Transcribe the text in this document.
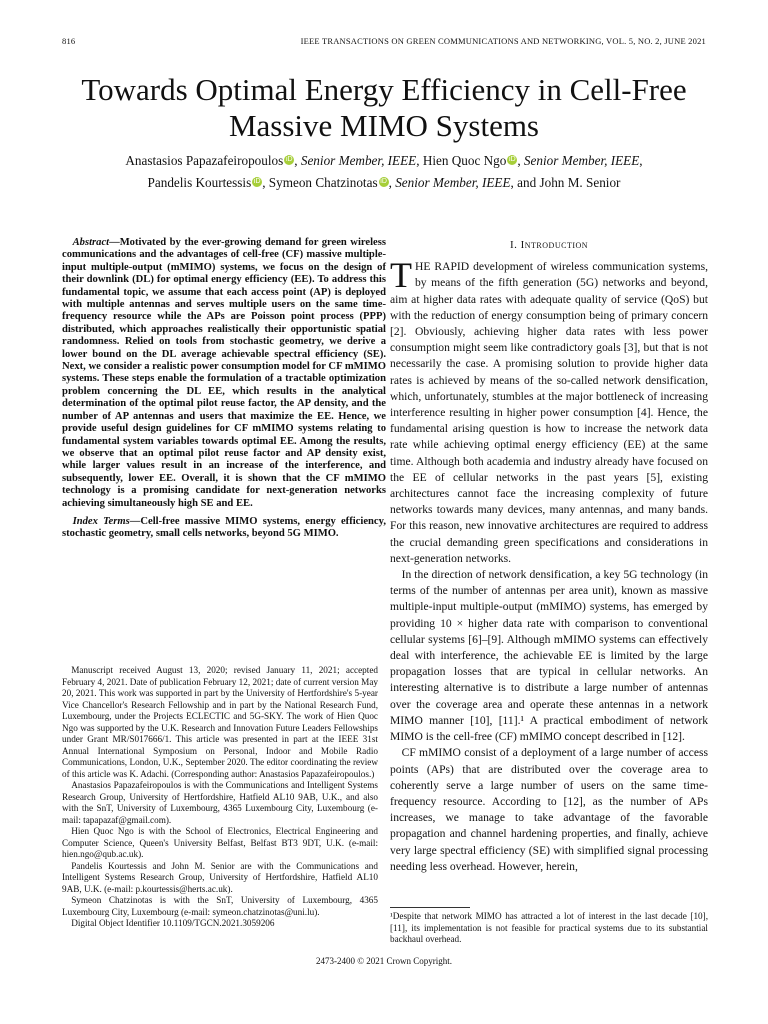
816	IEEE TRANSACTIONS ON GREEN COMMUNICATIONS AND NETWORKING, VOL. 5, NO. 2, JUNE 2021
Towards Optimal Energy Efficiency in Cell-Free
Massive MIMO Systems
Anastasios Papazafeiropoulos iD , Senior Member, IEEE, Hien Quoc Ngo iD , Senior Member, IEEE,
Pandelis Kourtessis iD , Symeon Chatzinotas iD , Senior Member, IEEE, and John M. Senior

Abstract—Motivated by the ever-growing demand for green wireless communications and the advantages of cell-free (CF) massive multiple-input multiple-output (mMIMO) systems, we focus on the design of their downlink (DL) for optimal energy efficiency (EE). To address this fundamental topic, we assume that each access point (AP) is deployed with multiple antennas and serves multiple users on the same time-frequency resource while the APs are Poisson point process (PPP) distributed, which approaches realistically their opportunistic spatial randomness. Relied on tools from stochastic geometry, we derive a lower bound on the DL average achievable spectral efficiency (SE). Next, we consider a realistic power consumption model for CF mMIMO systems. These steps enable the formulation of a tractable optimization problem concerning the DL EE, which results in the analytical determination of the optimal pilot reuse factor, the AP density, and the number of AP antennas and users that maximize the EE. Hence, we provide useful design guidelines for CF mMIMO systems relating to fundamental system variables towards optimal EE. Among the results, we observe that an optimal pilot reuse factor and AP density exist, while larger values result in an increase of the interference, and subsequently, lower EE. Overall, it is shown that the CF mMIMO technology is a promising candidate for next-generation networks achieving simultaneously high SE and EE.

Index Terms—Cell-free massive MIMO systems, energy efficiency, stochastic geometry, small cells networks, beyond 5G MIMO.

Manuscript received August 13, 2020; revised January 11, 2021; accepted February 4, 2021. Date of publication February 12, 2021; date of current version May 20, 2021. This work was supported in part by the University of Hertfordshire's 5-year Vice Chancellor's Research Fellowship and in part by the National Research Fund, Luxembourg, under the Projects ECLECTIC and 5G-SKY. The work of Hien Quoc Ngo was supported by the U.K. Research and Innovation Future Leaders Fellowships under Grant MR/S017666/1. This article was presented in part at the IEEE 31st Annual International Symposium on Personal, Indoor and Mobile Radio Communications, London, U.K., September 2020. The editor coordinating the review of this article was K. Adachi. (Corresponding author: Anastasios Papazafeiropoulos.)

Anastasios Papazafeiropoulos is with the Communications and Intelligent Systems Research Group, University of Hertfordshire, Hatfield AL10 9AB, U.K., and also with the SnT, University of Luxembourg, 4365 Luxembourg City, Luxembourg (e-mail: tapapazaf@gmail.com).

Hien Quoc Ngo is with the School of Electronics, Electrical Engineering and Computer Science, Queen's University Belfast, Belfast BT3 9DT, U.K. (e-mail: hien.ngo@qub.ac.uk).

Pandelis Kourtessis and John M. Senior are with the Communications and Intelligent Systems Research Group, University of Hertfordshire, Hatfield AL10 9AB, U.K. (e-mail: p.kourtessis@herts.ac.uk).

Symeon Chatzinotas is with the SnT, University of Luxembourg, 4365 Luxembourg City, Luxembourg (e-mail: symeon.chatzinotas@uni.lu).

Digital Object Identifier 10.1109/TGCN.2021.3059206

I. Introduction

THE RAPID development of wireless communication systems, by means of the fifth generation (5G) networks and beyond, aim at higher data rates with adequate quality of service (QoS) but with the reduction of energy consumption being of primary concern [2]. Obviously, achieving higher data rates with less power consumption might seem like contradictory goals [3], but that is not necessarily the case. A promising solution to provide higher data rates is achieved by means of the so-called network densification, which, unfortunately, stumbles at the major bottleneck of increasing interference resulting in higher power consumption [4]. Hence, the fundamental arising question is how to increase the network data rate while achieving optimal energy efficiency (EE) at the same time. Although both academia and industry already have focused on the EE of cellular networks in the past years [5], existing architectures cannot face the increasing complexity of future networks towards many devices, many antennas, and many bands. For this reason, new innovative architectures are required to address the crucial demanding green specifications and considerations in next-generation networks.

In the direction of network densification, a key 5G technology (in terms of the number of antennas per area unit), known as massive multiple-input multiple-output (mMIMO) systems, has emerged by providing 10 × higher data rate with comparison to conventional cellular systems [6]–[9]. Although mMIMO systems can effectively deal with interference, the achievable EE is limited by the large propagation losses that are typical in cellular networks. An interesting alternative is to distribute a large number of antennas over the coverage area and operate these antennas in a network MIMO manner [10], [11].¹ A practical embodiment of network MIMO is the cell-free (CF) mMIMO concept described in [12].

CF mMIMO consist of a deployment of a large number of access points (APs) that are distributed over the coverage area to coherently serve a large number of users on the same time-frequency resource. According to [12], as the number of APs increases, we manage to take advantage of the favorable propagation and channel hardening properties, and finally, achieve very large spectral efficiency (SE) with simplified signal processing needing less overhead. However, herein,

¹Despite that network MIMO has attracted a lot of interest in the last decade [10], [11], its implementation is not feasible for practical systems due to its substantial backhaul overhead.
2473-2400 © 2021 Crown Copyright.
